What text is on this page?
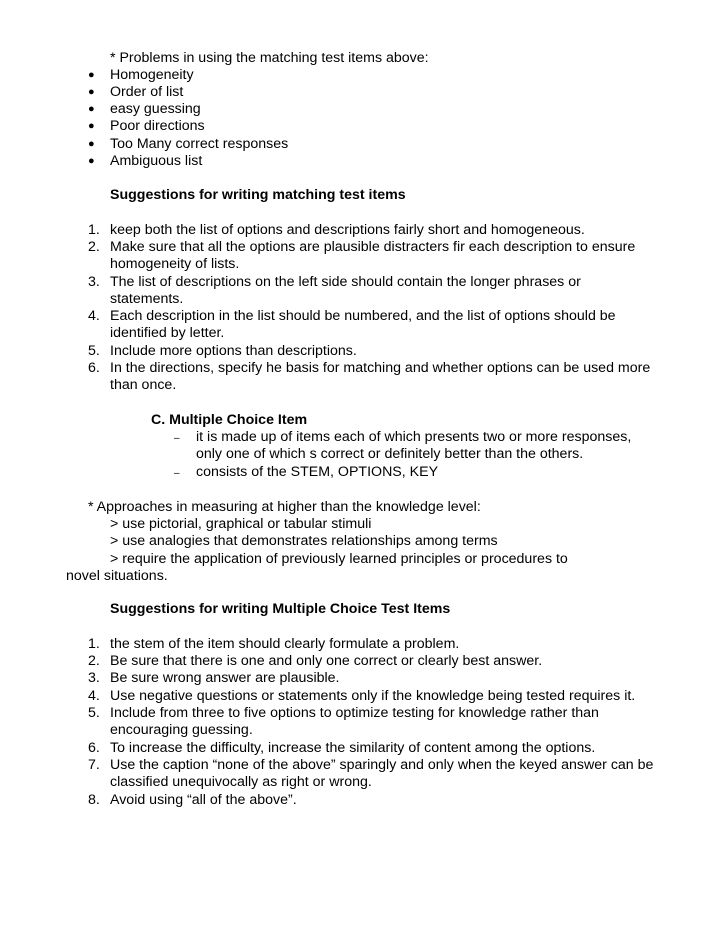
* Problems in using the matching test items above:
● Homogeneity
● Order of list
● easy guessing
● Poor directions
● Too Many correct responses
● Ambiguous list
Suggestions for writing matching test items
1. keep both the list of options and descriptions fairly short and homogeneous.
2. Make sure that all the options are plausible distracters fir each description to ensure
homogeneity of lists.
3. The list of descriptions on the left side should contain the longer phrases or
statements.
4. Each description in the list should be numbered, and the list of options should be
identified by letter.
5. Include more options than descriptions.
6. In the directions, specify he basis for matching and whether options can be used more
than once.
C. Multiple Choice Item
– it is made up of items each of which presents two or more responses,
only one of which s correct or definitely better than the others.
– consists of the STEM, OPTIONS, KEY
* Approaches in measuring at higher than the knowledge level:
> use pictorial, graphical or tabular stimuli
> use analogies that demonstrates relationships among terms
> require the application of previously learned principles or procedures to
novel situations.
Suggestions for writing Multiple Choice Test Items
1. the stem of the item should clearly formulate a problem.
2. Be sure that there is one and only one correct or clearly best answer.
3. Be sure wrong answer are plausible.
4. Use negative questions or statements only if the knowledge being tested requires it.
5. Include from three to five options to optimize testing for knowledge rather than
encouraging guessing.
6. To increase the difficulty, increase the similarity of content among the options.
7. Use the caption “none of the above” sparingly and only when the keyed answer can be
classified unequivocally as right or wrong.
8. Avoid using “all of the above”.
